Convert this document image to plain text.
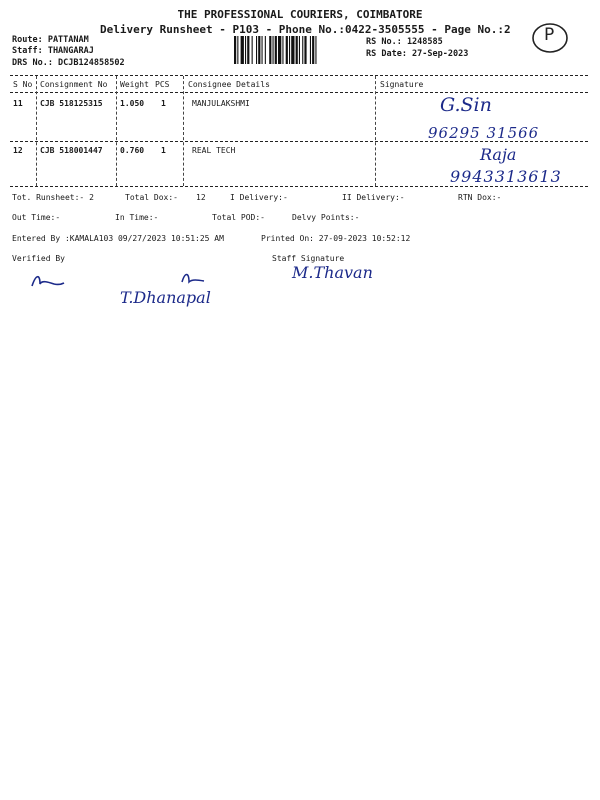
THE PROFESSIONAL COURIERS, COIMBATORE
Delivery Runsheet - P103 - Phone No.:0422-3505555 - Page No.:2 P
Route: PATTANAM
Staff: THANGARAJ
DRS No.: DCJB124858502
RS No.: 1248585
RS Date: 27-Sep-2023
S No Consignment No Weight PCS Consignee Details	Signature
11 CJB 518125315 1.050 1	MANJULAKSHMI	G.Sin
96295 31566
12 CJB 518001447 0.760 1	REAL TECH	Raja
9943313613
Tot. Runsheet:- 2	Total Dox:- 12	I Delivery:-	II Delivery:-	RTN Dox:-
Out Time:-	In Time:-	Total POD:-	Delvy Points:-
Entered By :KAMALA103 09/27/2023 10:51:25 AM	Printed On: 27-09-2023 10:52:12
Verified By	Staff Signature
T.Dhanapal
M.Thavan
